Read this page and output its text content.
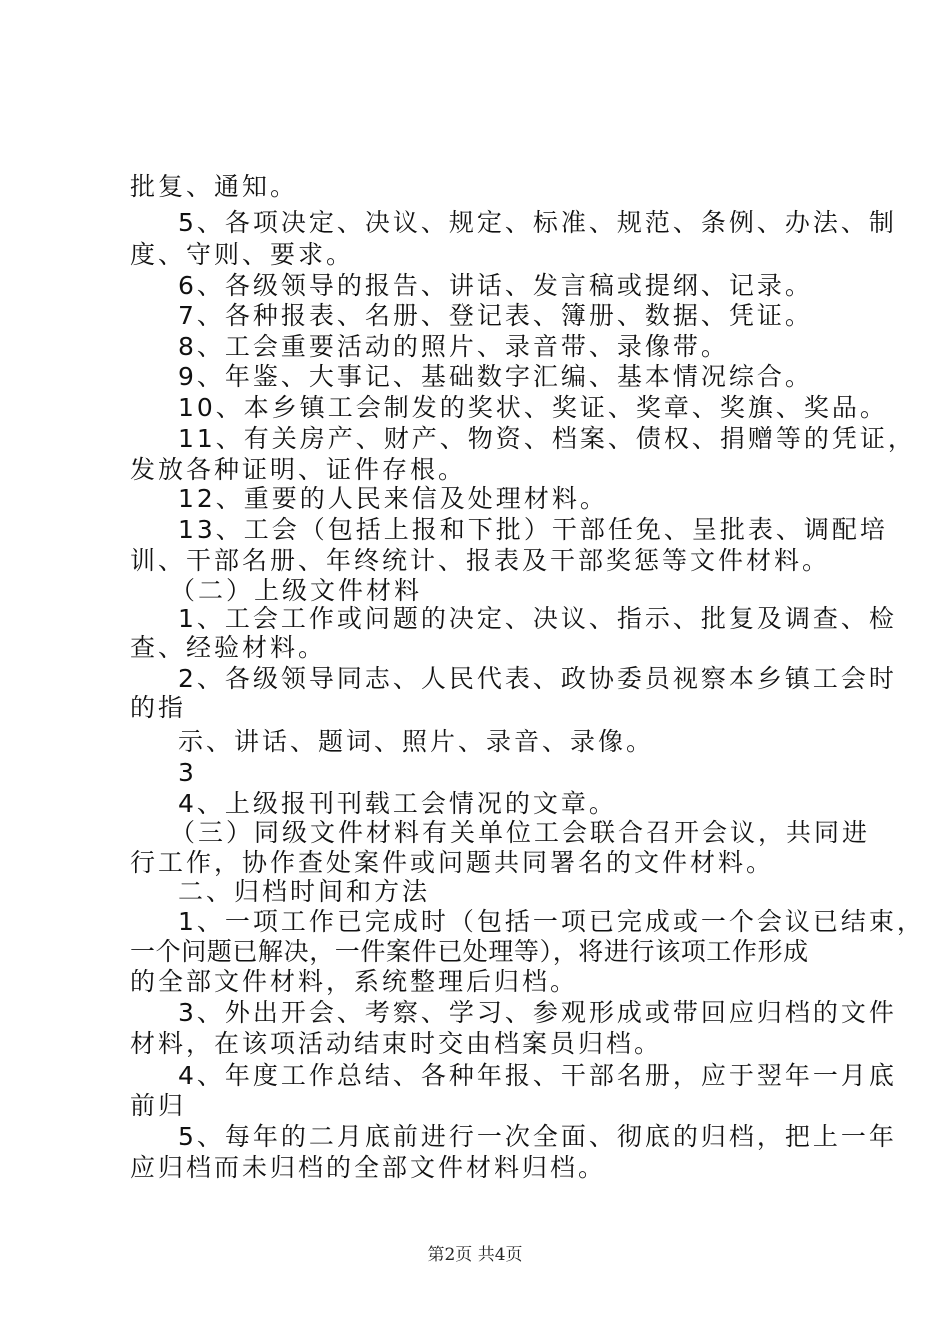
批复、通知。
5、各项决定、决议、规定、标准、规范、条例、办法、制
度、守则、要求。
6、各级领导的报告、讲话、发言稿或提纲、记录。
7、各种报表、名册、登记表、簿册、数据、凭证。
8、工会重要活动的照片、录音带、录像带。
9、年鉴、大事记、基础数字汇编、基本情况综合。
10、本乡镇工会制发的奖状、奖证、奖章、奖旗、奖品。
11、有关房产、财产、物资、档案、债权、捐赠等的凭证，
发放各种证明、证件存根。
12、重要的人民来信及处理材料。
13、工会（包括上报和下批）干部任免、呈批表、调配培
训、干部名册、年终统计、报表及干部奖惩等文件材料。
（二）上级文件材料
1、工会工作或问题的决定、决议、指示、批复及调查、检
查、经验材料。
2、各级领导同志、人民代表、政协委员视察本乡镇工会时
的指
示、讲话、题词、照片、录音、录像。
3
4、上级报刊刊载工会情况的文章。
（三）同级文件材料有关单位工会联合召开会议，共同进
行工作，协作查处案件或问题共同署名的文件材料。
二、归档时间和方法
1、一项工作已完成时（包括一项已完成或一个会议已结束，
一个问题已解决，一件案件已处理等），将进行该项工作形成
的全部文件材料，系统整理后归档。
3、外出开会、考察、学习、参观形成或带回应归档的文件
材料，在该项活动结束时交由档案员归档。
4、年度工作总结、各种年报、干部名册，应于翌年一月底
前归
5、每年的二月底前进行一次全面、彻底的归档，把上一年
应归档而未归档的全部文件材料归档。
第2页 共4页
